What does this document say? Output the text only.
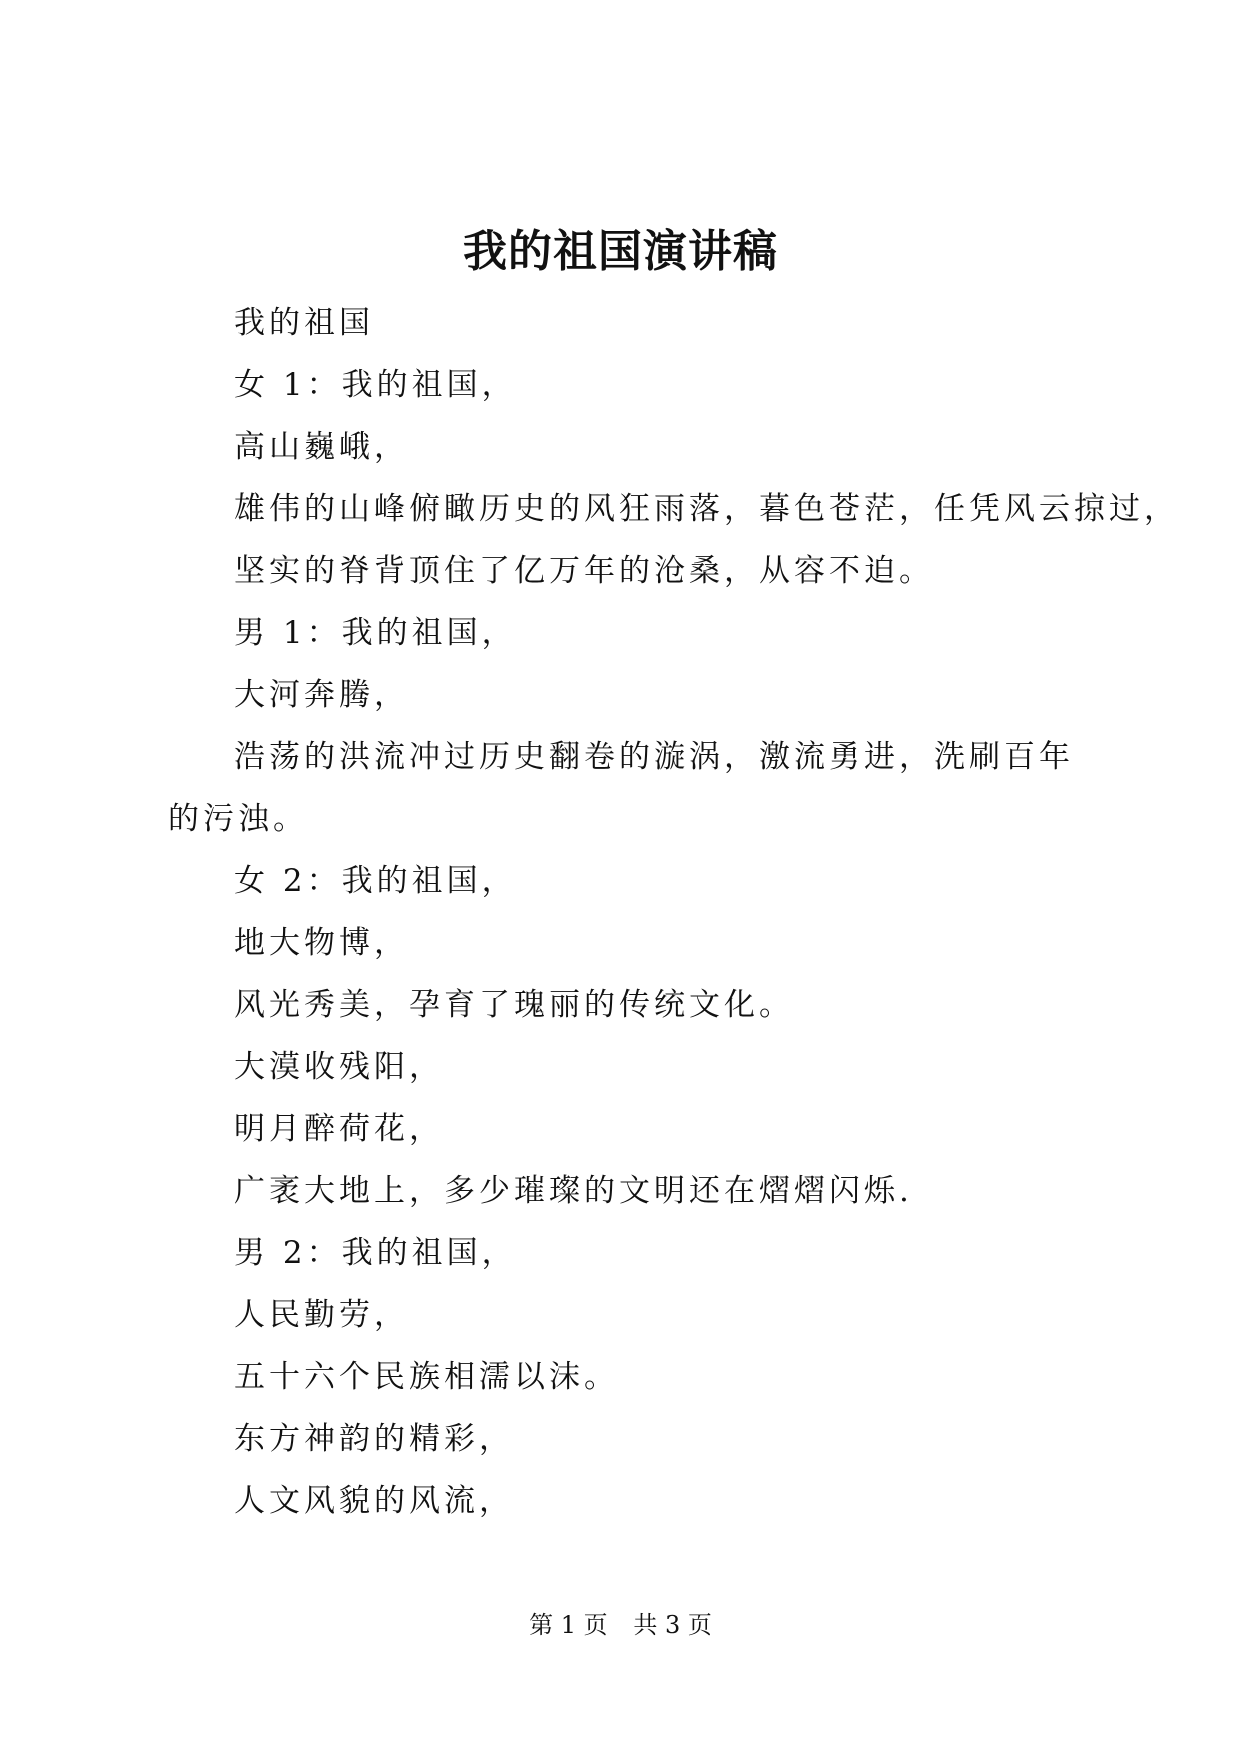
我的祖国演讲稿
我的祖国
女 1：我的祖国，
高山巍峨，
雄伟的山峰俯瞰历史的风狂雨落，暮色苍茫，任凭风云掠过，
坚实的脊背顶住了亿万年的沧桑，从容不迫。
男 1：我的祖国，
大河奔腾，
浩荡的洪流冲过历史翻卷的漩涡，激流勇进，洗刷百年的污浊。
女 2：我的祖国，
地大物博，
风光秀美，孕育了瑰丽的传统文化。
大漠收残阳，
明月醉荷花，
广袤大地上，多少璀璨的文明还在熠熠闪烁.
男 2：我的祖国，
人民勤劳，
五十六个民族相濡以沫。
东方神韵的精彩，
人文风貌的风流，
第 1 页 共 3 页
